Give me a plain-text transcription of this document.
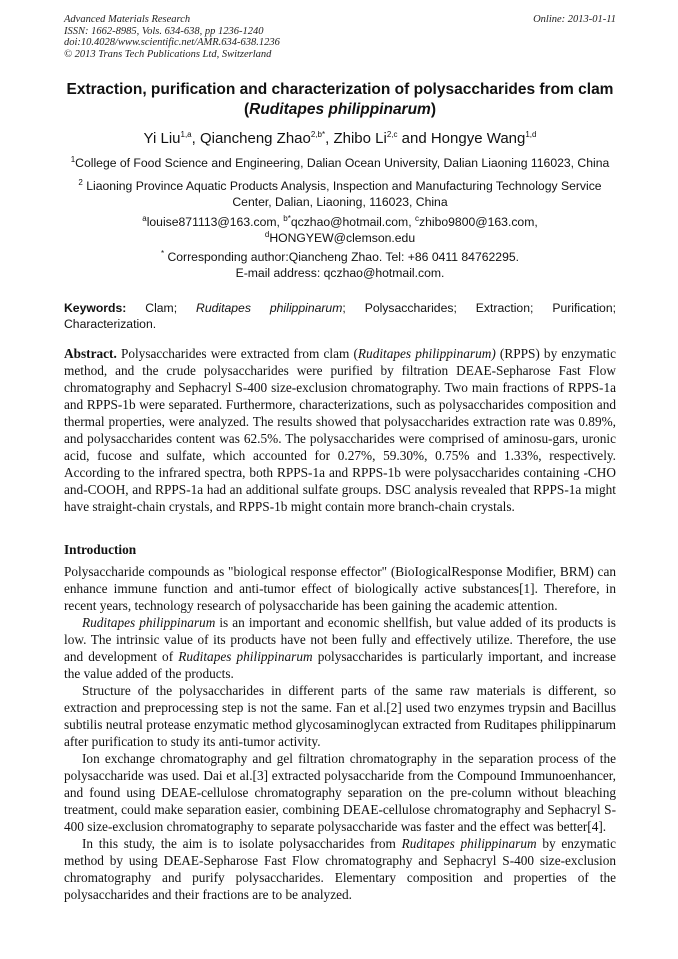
Advanced Materials Research
ISSN: 1662-8985, Vols. 634-638, pp 1236-1240
doi:10.4028/www.scientific.net/AMR.634-638.1236
© 2013 Trans Tech Publications Ltd, Switzerland
Online: 2013-01-11
Extraction, purification and characterization of polysaccharides from clam (Ruditapes philippinarum)
Yi Liu$^{1,a}$, Qiancheng Zhao$^{2,b*}$, Zhibo Li$^{2,c}$ and Hongye Wang$^{1,d}$
$^1$College of Food Science and Engineering, Dalian Ocean University, Dalian Liaoning 116023, China
$^2$ Liaoning Province Aquatic Products Analysis, Inspection and Manufacturing Technology Service Center, Dalian, Liaoning, 116023, China
$^a$louise871113@163.com, $^{b*}$qczhao@hotmail.com, $^c$zhibo9800@163.com,
$^d$HONGYEW@clemson.edu
* Corresponding author:Qiancheng Zhao. Tel: +86 0411 84762295.
E-mail address: qczhao@hotmail.com.
Keywords: Clam; Ruditapes philippinarum; Polysaccharides; Extraction; Purification; Characterization.
Abstract. Polysaccharides were extracted from clam (Ruditapes philippinarum) (RPPS) by enzymatic method, and the crude polysaccharides were purified by filtration DEAE-Sepharose Fast Flow chromatography and Sephacryl S-400 size-exclusion chromatography. Two main fractions of RPPS-1a and RPPS-1b were separated. Furthermore, characterizations, such as polysaccharides composition and thermal properties, were analyzed. The results showed that polysaccharides extraction rate was 0.89%, and polysaccharides content was 62.5%. The polysaccharides were comprised of aminosu-gars, uronic acid, fucose and sulfate, which accounted for 0.27%, 59.30%, 0.75% and 1.33%, respectively. According to the infrared spectra, both RPPS-1a and RPPS-1b were polysaccharides containing -CHO and-COOH, and RPPS-1a had an additional sulfate groups. DSC analysis revealed that RPPS-1a might have straight-chain crystals, and RPPS-1b might contain more branch-chain crystals.
Introduction

Polysaccharide compounds as "biological response effector" (BioIogicalResponse Modifier, BRM) can enhance immune function and anti-tumor effect of biologically active substances[1]. Therefore, in recent years, technology research of polysaccharide has been gaining the academic attention.

Ruditapes philippinarum is an important and economic shellfish, but value added of its products is low. The intrinsic value of its products have not been fully and effectively utilize. Therefore, the use and development of Ruditapes philippinarum polysaccharides is particularly important, and increase the value added of the products.

Structure of the polysaccharides in different parts of the same raw materials is different, so extraction and preprocessing step is not the same. Fan et al.[2] used two enzymes trypsin and Bacillus subtilis neutral protease enzymatic method glycosaminoglycan extracted from Ruditapes philippinarum after purification to study its anti-tumor activity.

Ion exchange chromatography and gel filtration chromatography in the separation process of the polysaccharide was used. Dai et al.[3] extracted polysaccharide from the Compound Immunoenhancer, and found using DEAE-cellulose chromatography separation on the pre-column without bleaching treatment, could make separation easier, combining DEAE-cellulose chromatography and Sephacryl S-400 size-exclusion chromatography to separate polysaccharide was faster and the effect was better[4].

In this study, the aim is to isolate polysaccharides from Ruditapes philippinarum by enzymatic method by using DEAE-Sepharose Fast Flow chromatography and Sephacryl S-400 size-exclusion chromatography and purify polysaccharides. Elementary composition and properties of the polysaccharides and their fractions are to be analyzed.
